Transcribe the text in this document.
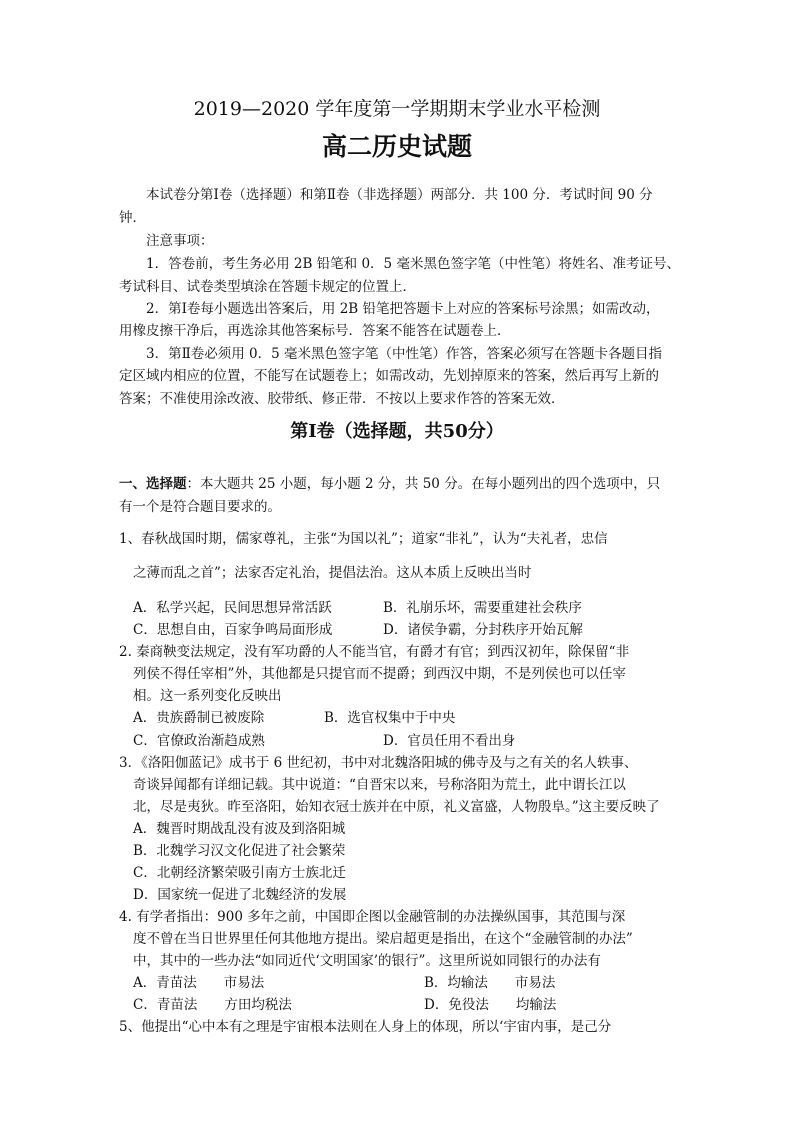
2019—2020 学年度第一学期期末学业水平检测
高二历史试题
本试卷分第Ⅰ卷（选择题）和第Ⅱ卷（非选择题）两部分．共 100 分．考试时间 90 分
钟．
注意事项：
1．答卷前，考生务必用 2B 铅笔和 0．5 毫米黑色签字笔（中性笔）将姓名、准考证号、
考试科目、试卷类型填涂在答题卡规定的位置上．
2．第Ⅰ卷每小题选出答案后，用 2B 铅笔把答题卡上对应的答案标号涂黑；如需改动，
用橡皮擦干净后，再选涂其他答案标号．答案不能答在试题卷上．
3．第Ⅱ卷必须用 0．5 毫米黑色签字笔（中性笔）作答，答案必须写在答题卡各题目指
定区域内相应的位置，不能写在试题卷上；如需改动，先划掉原来的答案，然后再写上新的
答案；不准使用涂改液、胶带纸、修正带．不按以上要求作答的答案无效．
第Ⅰ卷（选择题，共50分）
一、选择题：本大题共 25 小题，每小题 2 分，共 50 分。在每小题列出的四个选项中，只
有一个是符合题目要求的。
1、春秋战国时期，儒家尊礼，主张“为国以礼”；道家“非礼”，认为“夫礼者，忠信
之薄而乱之首”；法家否定礼治，提倡法治。这从本质上反映出当时
A．私学兴起，民间思想异常活跃	B．礼崩乐坏，需要重建社会秩序
C．思想自由，百家争鸣局面形成	D．诸侯争霸，分封秩序开始瓦解
2. 秦商鞅变法规定，没有军功爵的人不能当官，有爵才有官；到西汉初年，除保留“非
列侯不得任宰相”外，其他都是只提官而不提爵；到西汉中期，不是列侯也可以任宰
相。这一系列变化反映出
A．贵族爵制已被废除	B．选官权集中于中央
C．官僚政治渐趋成熟	D．官员任用不看出身
3．《洛阳伽蓝记》成书于 6 世纪初，书中对北魏洛阳城的佛寺及与之有关的名人轶事、
奇谈异闻都有详细记载。其中说道：“自晋宋以来，号称洛阳为荒土，此中谓长江以
北，尽是夷狄。昨至洛阳，始知衣冠士族并在中原，礼义富盛，人物殷阜。”这主要反映了
A．魏晋时期战乱没有波及到洛阳城
B．北魏学习汉文化促进了社会繁荣
C．北朝经济繁荣吸引南方士族北迁
D．国家统一促进了北魏经济的发展
4. 有学者指出：900 多年之前，中国即企图以金融管制的办法操纵国事，其范围与深
度不曾在当日世界里任何其他地方提出。梁启超更是指出，在这个“金融管制的办法”
中，其中的一些办法“如同近代‘文明国家’的银行”。这里所说如同银行的办法有
A．青苗法　　市易法	B．均输法　　市易法
C．青苗法　　方田均税法	D．免役法　　均输法
5、他提出“心中本有之理是宇宙根本法则在人身上的体现，所以‘宇宙内事，是己分
